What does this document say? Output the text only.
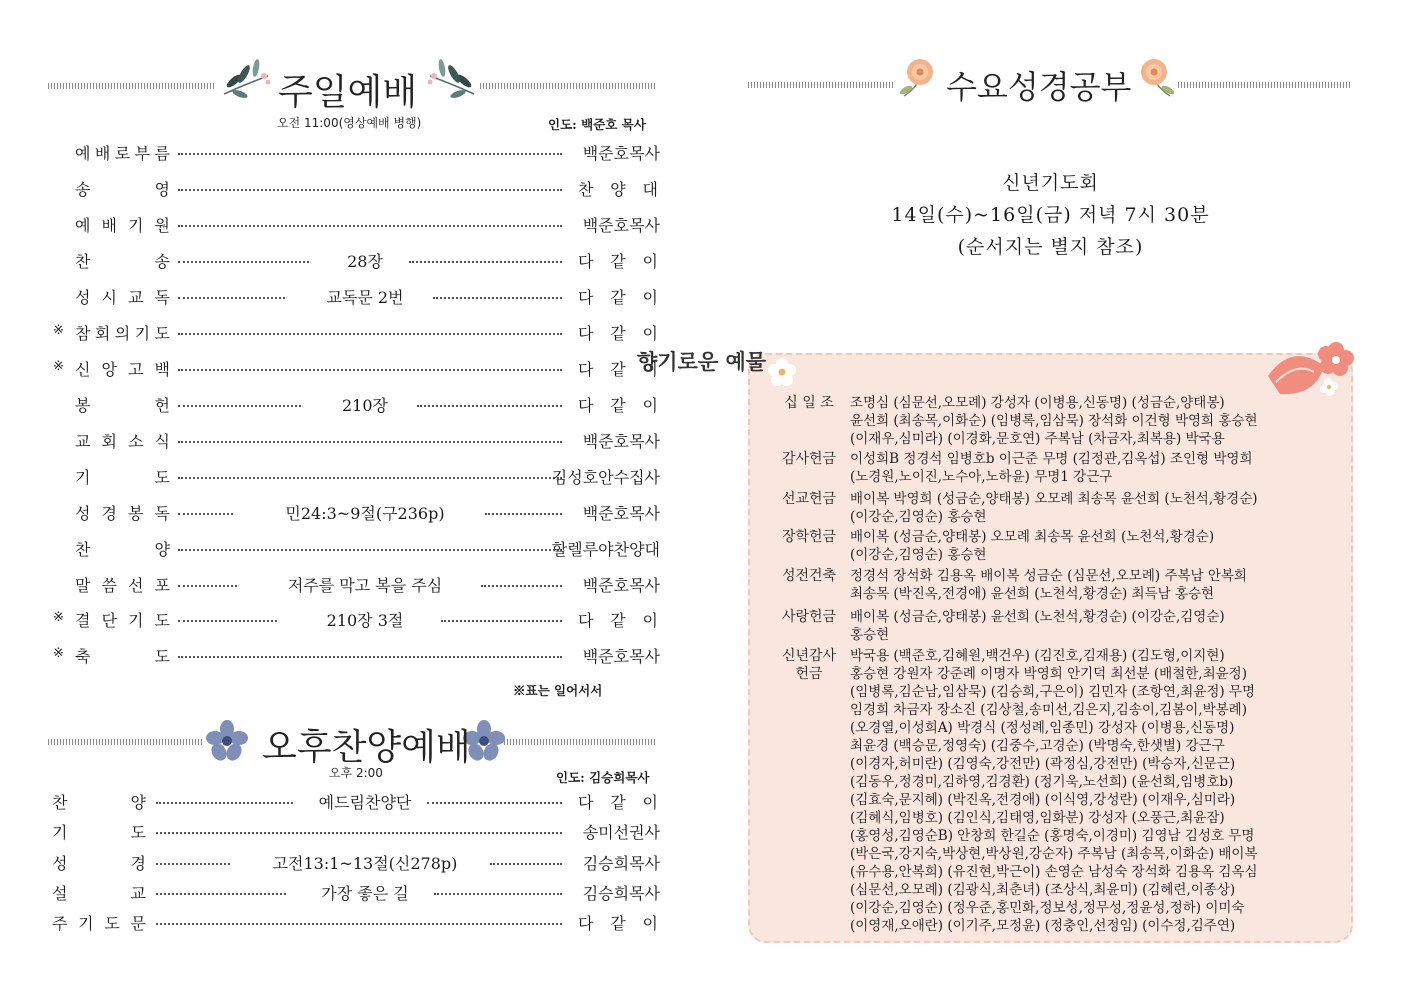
주일예배
오전 11:00(영상예배 병행)	인도: 백준호 목사
예 배 로 부 름	백준호목사
송	영	찬 양 대
예 배 기 원	백준호목사
찬	송	28장	다 같 이
성 시 교 독	교독문 2번	다 같 이
※ 참 회 의 기 도	다 같 이
※ 신 앙 고 백	다 같 이
봉	헌	210장	다 같 이
교 회 소 식	백준호목사
기	도	김성호안수집사
성 경 봉 독	민24:3~9절(구236p)	백준호목사
찬	양	할렐루야찬양대
말 씀 선 포	저주를 막고 복을 주심	백준호목사
※ 결 단 기 도	210장 3절	다 같 이
※ 축	도	백준호목사
※표는 일어서서
오후찬양예배
오후 2:00	인도: 김승희목사
찬	양	예드림찬양단	다 같 이
기	도	송미선권사
성	경	고전13:1~13절(신278p)	김승희목사
설	교	가장 좋은 길	김승희목사
주 기 도 문	다 같 이
수요성경공부
신년기도회
14일(수)~16일(금) 저녁 7시 30분
(순서지는 별지 참조)
향기로운 예물
십 일 조	조명심 (심문선,오모례) 강성자 (이병용,신동명) (성금순,양태봉)
윤선희 (최송목,이화순) (임병록,임삼묵) 장석화 이건형 박영희 홍승현
(이재우,심미라) (이경화,문호연) 주복남 (차금자,최복용) 박국용
감사헌금	이성희B 정경석 임병호b 이근준 무명 (김정관,김옥섭) 조인형 박영희
(노경원,노이진,노수아,노하윤) 무명1 강근구
선교헌금	배이복 박영희 (성금순,양태봉) 오모례 최송목 윤선희 (노천석,황경순)
(이강순,김영순) 홍승현
장학헌금	배이복 (성금순,양태봉) 오모례 최송목 윤선희 (노천석,황경순)
(이강순,김영순) 홍승현
성전건축	정경석 장석화 김용옥 배이복 성금순 (심문선,오모례) 주복남 안복희
최송목 (박진옥,전경애) 윤선희 (노천석,황경순) 최득남 홍승현
사랑헌금	배이복 (성금순,양태봉) 윤선희 (노천석,황경순) (이강순,김영순)
홍승현
신년감사
헌금
박국용 (백준호,김혜원,백건우) (김진호,김재용) (김도형,이지현)
홍승현 강원자 강준례 이명자 박영희 안기덕 최선분 (배철한,최윤정)
(임병록,김순남,임삼묵) (김승희,구은이) 김민자 (조항연,최윤정) 무명
임경희 차금자 장소진 (김상철,송미선,김은지,김송이,김봄이,박봉례)
(오경열,이성희A) 박경식 (정성례,임종민) 강성자 (이병용,신동명)
최윤경 (백승문,정영숙) (김중수,고경순) (박명숙,한샛별) 강근구
(이경자,허미란) (김영숙,강전만) (곽정심,강전만) (박승자,신문근)
(김동우,정경미,김하영,김경환) (정기욱,노선희) (윤선희,임병호b)
(김효숙,문지혜) (박진옥,전경애) (이식영,강성란) (이재우,심미라)
(김혜식,임병호) (김인식,김태영,임화분) 강성자 (오풍근,최윤잠)
(홍영성,김영순B) 안창희 한길순 (홍명숙,이경미) 김영남 김성호 무명
(박은국,강지숙,박상현,박상원,강순자) 주복남 (최송목,이화순) 배이복
(유수용,안복희) (유진현,박근이) 손영순 남성숙 장석화 김용옥 김옥심
(심문선,오모례) (김광식,최춘녀) (조상식,최윤미) (김혜련,이종상)
(이강순,김영순) (정우준,홍민화,정보성,정무성,정윤성,정하) 이미숙
(이영재,오애란) (이기주,모정윤) (정충인,선정임) (이수정,김주연)
